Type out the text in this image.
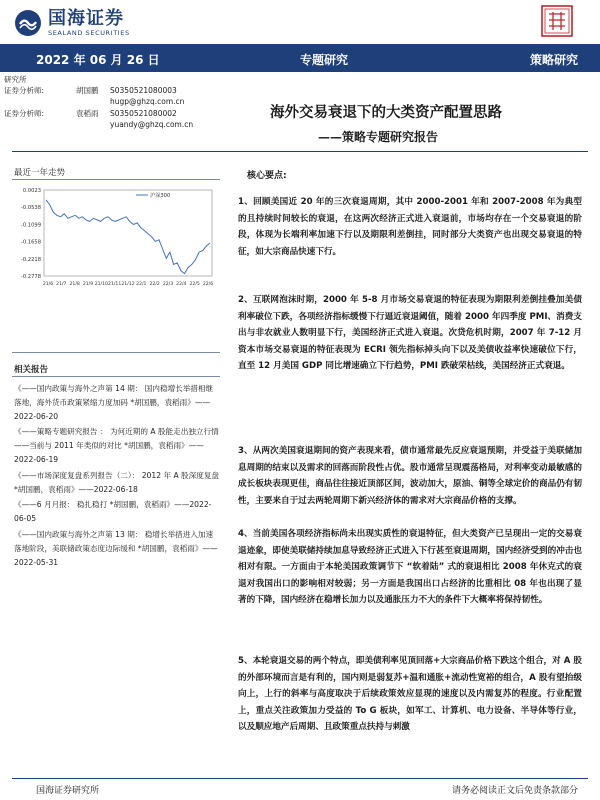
国海证券
SEALAND SECURITIES
2022 年 06 月 26 日	专题研究	策略研究
研究所
证券分析师:	胡国鹏	S0350521080003
hugp@ghzq.com.cn
证券分析师:	袁稻雨	S0350521080002
yuandy@ghzq.com.cn
海外交易衰退下的大类资产配置思路
——策略专题研究报告
最近一年走势
0.0023
-0.0538
-0.1099
-0.1658
-0.2218
-0.2778
21/6 21/7 21/8 21/9 21/10 21/11 21/12 22/1 22/2 22/3 22/4 22/5 22/6
沪深300
相关报告
《——国内政策与海外之声第 14 期： 国内稳增长举措相继落地，海外货币政策紧缩力度加码 *胡国鹏，袁稻雨》——2022-06-20
《——策略专题研究报告 ： 为何近期的 A 股能走出独立行情——当前与 2011 年类似的对比 *胡国鹏，袁稻雨》——2022-06-19
《——市场深度复盘系列报告（二）： 2012 年 A 股深度复盘 *胡国鹏，袁稻雨》——2022-06-18
《——6 月月报： 稳扎稳打 *胡国鹏，袁稻雨》——2022-06-05
《——国内政策与海外之声第 13 期： 稳增长举措进入加速落地阶段，美联储政策态度边际缓和 *胡国鹏，袁稻雨》——2022-05-31
核心要点:
1、回顾美国近 20 年的三次衰退周期，其中 2000-2001 年和 2007-2008 年为典型的且持续时间较长的衰退，在这两次经济正式进入衰退前，市场均存在一个交易衰退的阶段，体现为长端利率加速下行以及期限利差倒挂，同时部分大类资产也出现交易衰退的特征，如大宗商品快速下行。
2、互联网泡沫时期，2000 年 5-8 月市场交易衰退的特征表现为期限利差倒挂叠加美债利率破位下跌，各项经济指标缓慢下行逼近衰退阈值，随着 2000 年四季度 PMI、消费支出与非农就业人数明显下行，美国经济正式进入衰退。次贷危机时期，2007 年 7-12 月资本市场交易衰退的特征表现为 ECRI 领先指标掉头向下以及美债收益率快速破位下行，直至 12 月美国 GDP 同比增速确立下行趋势，PMI 跌破荣枯线，美国经济正式衰退。
3、从两次美国衰退期间的资产表现来看，债市通常最先反应衰退预期，并受益于美联储加息周期的结束以及需求的回落而阶段性占优。股市通常呈现震荡格局，对利率变动最敏感的成长板块表现更佳，商品往往接近顶部区间，波动加大，原油、铜等全球定价的商品仍有韧性，主要来自于过去两轮周期下新兴经济体的需求对大宗商品价格的支撑。
4、当前美国各项经济指标尚未出现实质性的衰退特征，但大类资产已呈现出一定的交易衰退迹象，即使美联储持续加息导致经济正式进入下行甚至衰退周期，国内经济受到的冲击也相对有限。一方面由于本轮美国政策调节下 “软着陆” 式的衰退相比 2008 年休克式的衰退对我国出口的影响相对较弱；另一方面是我国出口占经济的比重相比 08 年也出现了显著的下降，国内经济在稳增长加力以及通胀压力不大的条件下大概率将保持韧性。
5、本轮衰退交易的两个特点，即美债利率见顶回落+大宗商品价格下跌这个组合，对 A 股的外部环境而言是有利的，国内则是弱复苏+温和通胀+流动性宽裕的组合，A 股有望抬级向上，上行的斜率与高度取决于后续政策效应显现的速度以及内需复苏的程度。行业配置上，重点关注政策加力受益的 To G 板块，如军工、计算机、电力设备、半导体等行业，以及顺应地产后周期、且政策重点扶持与刺激
国海证券研究所	请务必阅读正文后免责条款部分
